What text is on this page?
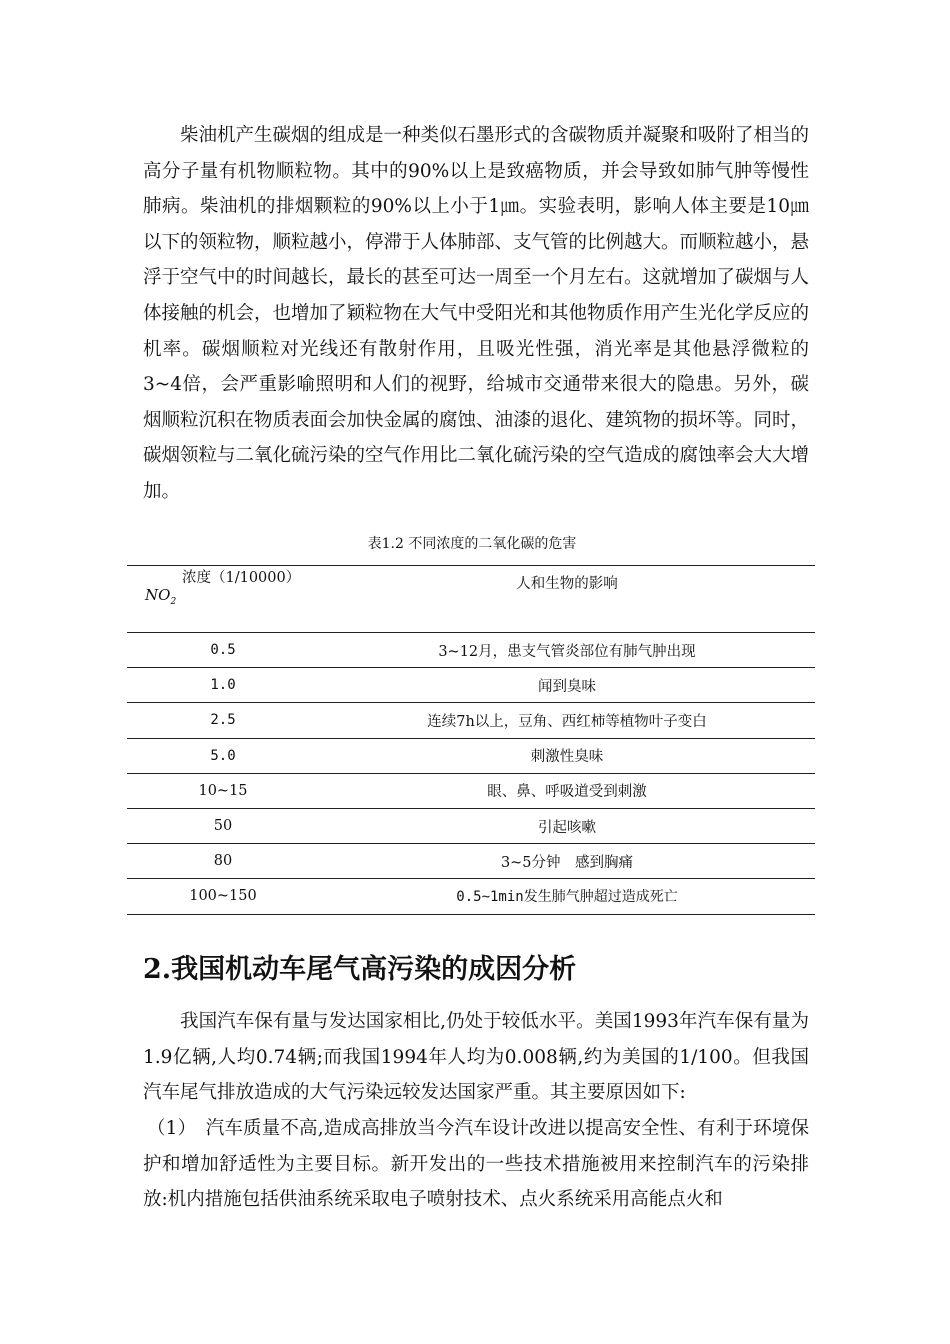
柴油机产生碳烟的组成是一种类似石墨形式的含碳物质并凝聚和吸附了相当的高分子量有机物顺粒物。其中的90%以上是致癌物质，并会导致如肺气肿等慢性肺病。柴油机的排烟颗粒的90%以上小于1㎛。实验表明，影响人体主要是10㎛以下的领粒物，顺粒越小，停滞于人体肺部、支气管的比例越大。而顺粒越小，悬浮于空气中的时间越长，最长的甚至可达一周至一个月左右。这就增加了碳烟与人体接触的机会，也增加了颖粒物在大气中受阳光和其他物质作用产生光化学反应的机率。碳烟顺粒对光线还有散射作用，且吸光性强，消光率是其他悬浮微粒的3~4倍，会严重影喻照明和人们的视野，给城市交通带来很大的隐患。另外，碳烟顺粒沉积在物质表面会加快金属的腐蚀、油漆的退化、建筑物的损坏等。同时，碳烟领粒与二氧化硫污染的空气作用比二氧化硫污染的空气造成的腐蚀率会大大增加。

表1.2 不同浓度的二氧化碳的危害
$NO_2$
浓度（1/10000）	人和生物的影响
0.5	3~12月，患支气管炎部位有肺气肿出现
1.0	闻到臭味
2.5	连续7h以上，豆角、西红柿等植物叶子变白
5.0	刺激性臭味
10~15	眼、鼻、呼吸道受到刺激
50	引起咳嗽
80	3~5分钟　感到胸痛
100~150	0.5~1min发生肺气肿超过造成死亡
2.我国机动车尾气高污染的成因分析

我国汽车保有量与发达国家相比,仍处于较低水平。美国1993年汽车保有量为1.9亿辆,人均0.74辆;而我国1994年人均为0.008辆,约为美国的1/100。但我国汽车尾气排放造成的大气污染远较发达国家严重。其主要原因如下:

（1）　汽车质量不高,造成高排放当今汽车设计改进以提高安全性、有利于环境保护和增加舒适性为主要目标。新开发出的一些技术措施被用来控制汽车的污染排放:机内措施包括供油系统采取电子喷射技术、点火系统采用高能点火和
